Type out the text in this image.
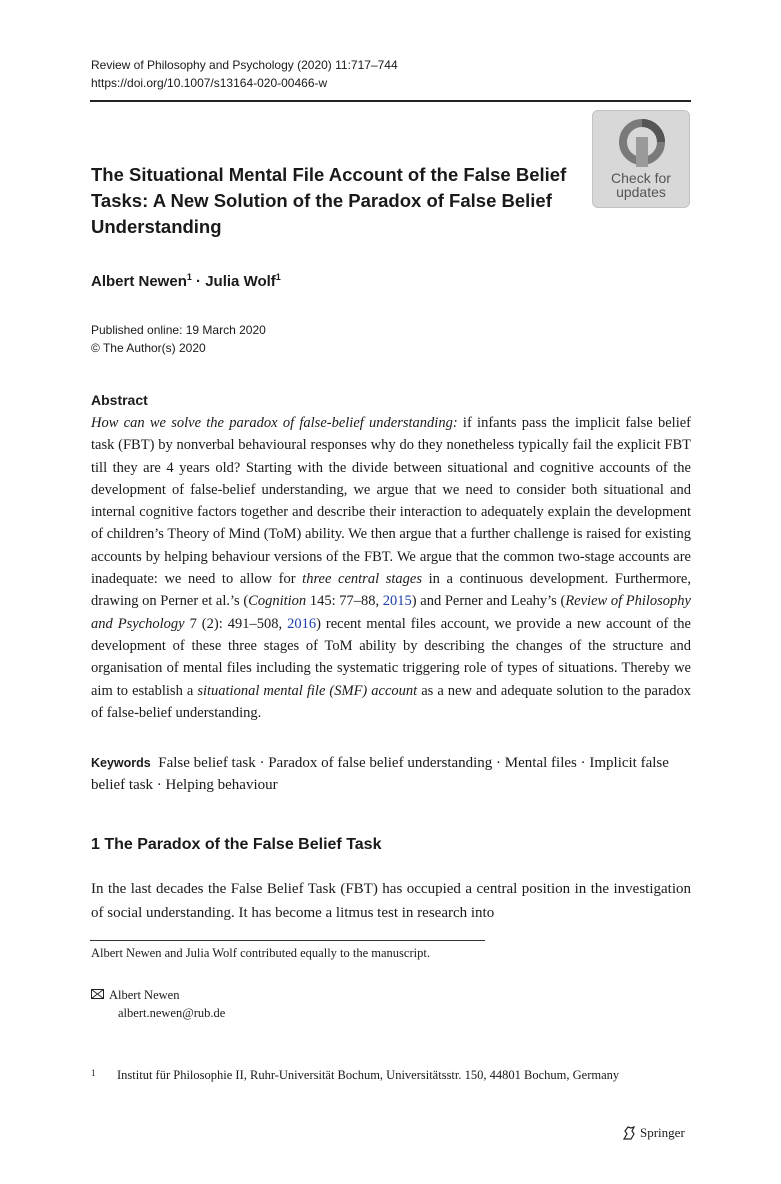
Review of Philosophy and Psychology (2020) 11:717–744
https://doi.org/10.1007/s13164-020-00466-w
The Situational Mental File Account of the False Belief Tasks: A New Solution of the Paradox of False Belief Understanding
Check for
updates
Albert Newen$^1$ · Julia Wolf$^1$
Published online: 19 March 2020
© The Author(s) 2020
Abstract
How can we solve the paradox of false-belief understanding: if infants pass the implicit false belief task (FBT) by nonverbal behavioural responses why do they nonetheless typically fail the explicit FBT till they are 4 years old? Starting with the divide between situational and cognitive accounts of the development of false-belief understanding, we argue that we need to consider both situational and internal cognitive factors together and describe their interaction to adequately explain the development of children’s Theory of Mind (ToM) ability. We then argue that a further challenge is raised for existing accounts by helping behaviour versions of the FBT. We argue that the common two-stage accounts are inadequate: we need to allow for three central stages in a continuous development. Furthermore, drawing on Perner et al.’s (Cognition 145: 77–88, 2015) and Perner and Leahy’s (Review of Philosophy and Psychology 7 (2): 491–508, 2016) recent mental files account, we provide a new account of the development of these three stages of ToM ability by describing the changes of the structure and organisation of mental files including the systematic triggering role of types of situations. Thereby we aim to establish a situational mental file (SMF) account as a new and adequate solution to the paradox of false-belief understanding.
Keywords False belief task · Paradox of false belief understanding · Mental files · Implicit false belief task · Helping behaviour
1 The Paradox of the False Belief Task
In the last decades the False Belief Task (FBT) has occupied a central position in the investigation of social understanding. It has become a litmus test in research into
Albert Newen and Julia Wolf contributed equally to the manuscript.
Albert Newen
albert.newen@rub.de
1 Institut für Philosophie II, Ruhr-Universität Bochum, Universitätsstr. 150, 44801 Bochum, Germany
Springer
